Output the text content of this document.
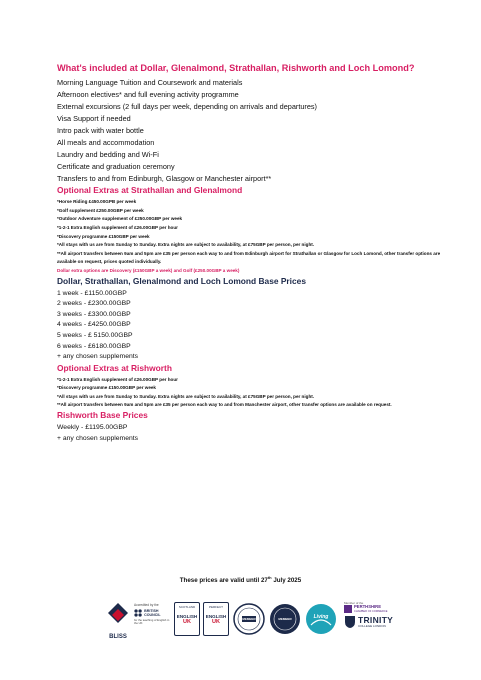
What's included at Dollar, Glenalmond, Strathallan, Rishworth and Loch Lomond?
Morning Language Tuition and Coursework and materials
Afternoon electives* and full evening activity programme
External excursions (2 full days per week, depending on arrivals and departures)
Visa Support if needed
Intro pack with water bottle
All meals and accommodation
Laundry and bedding and Wi-Fi
Certificate and graduation ceremony
Transfers to and from Edinburgh, Glasgow or Manchester airport**
Optional Extras at Strathallan and Glenalmond
*Horse Riding £450.00GPB per week
*Golf supplement £250.00GBP per week
*Outdoor Adventure supplement of £250.00GBP per week
*1-2-1 Extra English supplement of £26.00GBP per hour
*Discovery programme £150GBP per week
*All stays with us are from Sunday to Sunday. Extra nights are subject to availability, at £75GBP per person, per night.
**All airport transfers between 9am and 5pm are £35 per person each way to and from Edinburgh airport for Strathallan or Glasgow for Loch Lomond, other transfer options are available on request, prices quoted individually.
Dollar extra options are Discovery (£150GBP a week) and Golf (£250.00GBP a week)
Dollar, Strathallan, Glenalmond and Loch Lomond Base Prices
1 week - £1150.00GBP
2 weeks - £2300.00GBP
3 weeks - £3300.00GBP
4 weeks - £4250.00GBP
5 weeks - £ 5150.00GBP
6 weeks - £6180.00GBP
+ any chosen supplements
Optional Extras at Rishworth
*1-2-1 Extra English supplement of £26.00GBP per hour
*Discovery programme £150.00GBP per week
*All stays with us are from Sunday to Sunday. Extra nights are subject to availability, at £75GBP per person, per night.
**All airport transfers between 9am and 5pm are £35 per person each way to and from Manchester airport, other transfer options are available on request.
Rishworth Base Prices
Weekly - £1195.00GBP
+ any chosen supplements
These prices are valid until 27th July 2025
BLISS
Accredited by the
BRITISH COUNCIL
for the teaching of English in the UK
SCOTLAND
ENGLISH
UK
PERFECT
ENGLISH
UK
MEMBER	MEMBER	Living
Member of the
PERTHSHIRE
CHAMBER OF COMMERCE
TRINITY
COLLEGE LONDON
